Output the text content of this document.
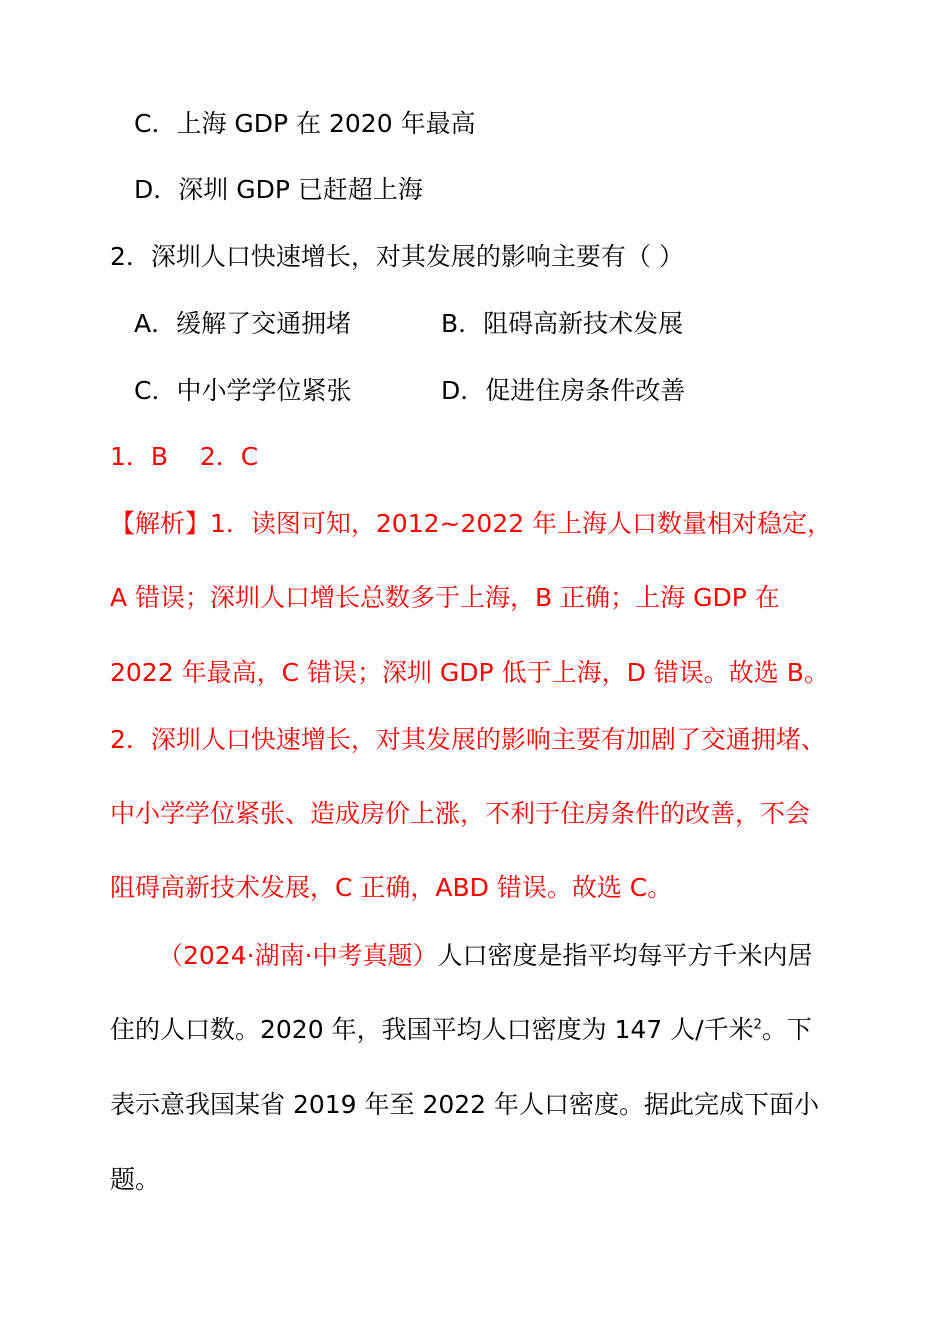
C．上海 GDP 在 2020 年最高
D．深圳 GDP 已赶超上海
2．深圳人口快速增长，对其发展的影响主要有（ ）
A．缓解了交通拥堵	B．阻碍高新技术发展
C．中小学学位紧张	D．促进住房条件改善
1．B    2．C
【解析】1．读图可知，2012~2022 年上海人口数量相对稳定，
A 错误；深圳人口增长总数多于上海，B 正确；上海 GDP 在
2022 年最高，C 错误；深圳 GDP 低于上海，D 错误。故选 B。
2．深圳人口快速增长，对其发展的影响主要有加剧了交通拥堵、
中小学学位紧张、造成房价上涨，不利于住房条件的改善，不会
阻碍高新技术发展，C 正确，ABD 错误。故选 C。
（2024·湖南·中考真题）人口密度是指平均每平方千米内居
住的人口数。2020 年，我国平均人口密度为 147 人/千米$^2$。下
表示意我国某省 2019 年至 2022 年人口密度。据此完成下面小
题。
